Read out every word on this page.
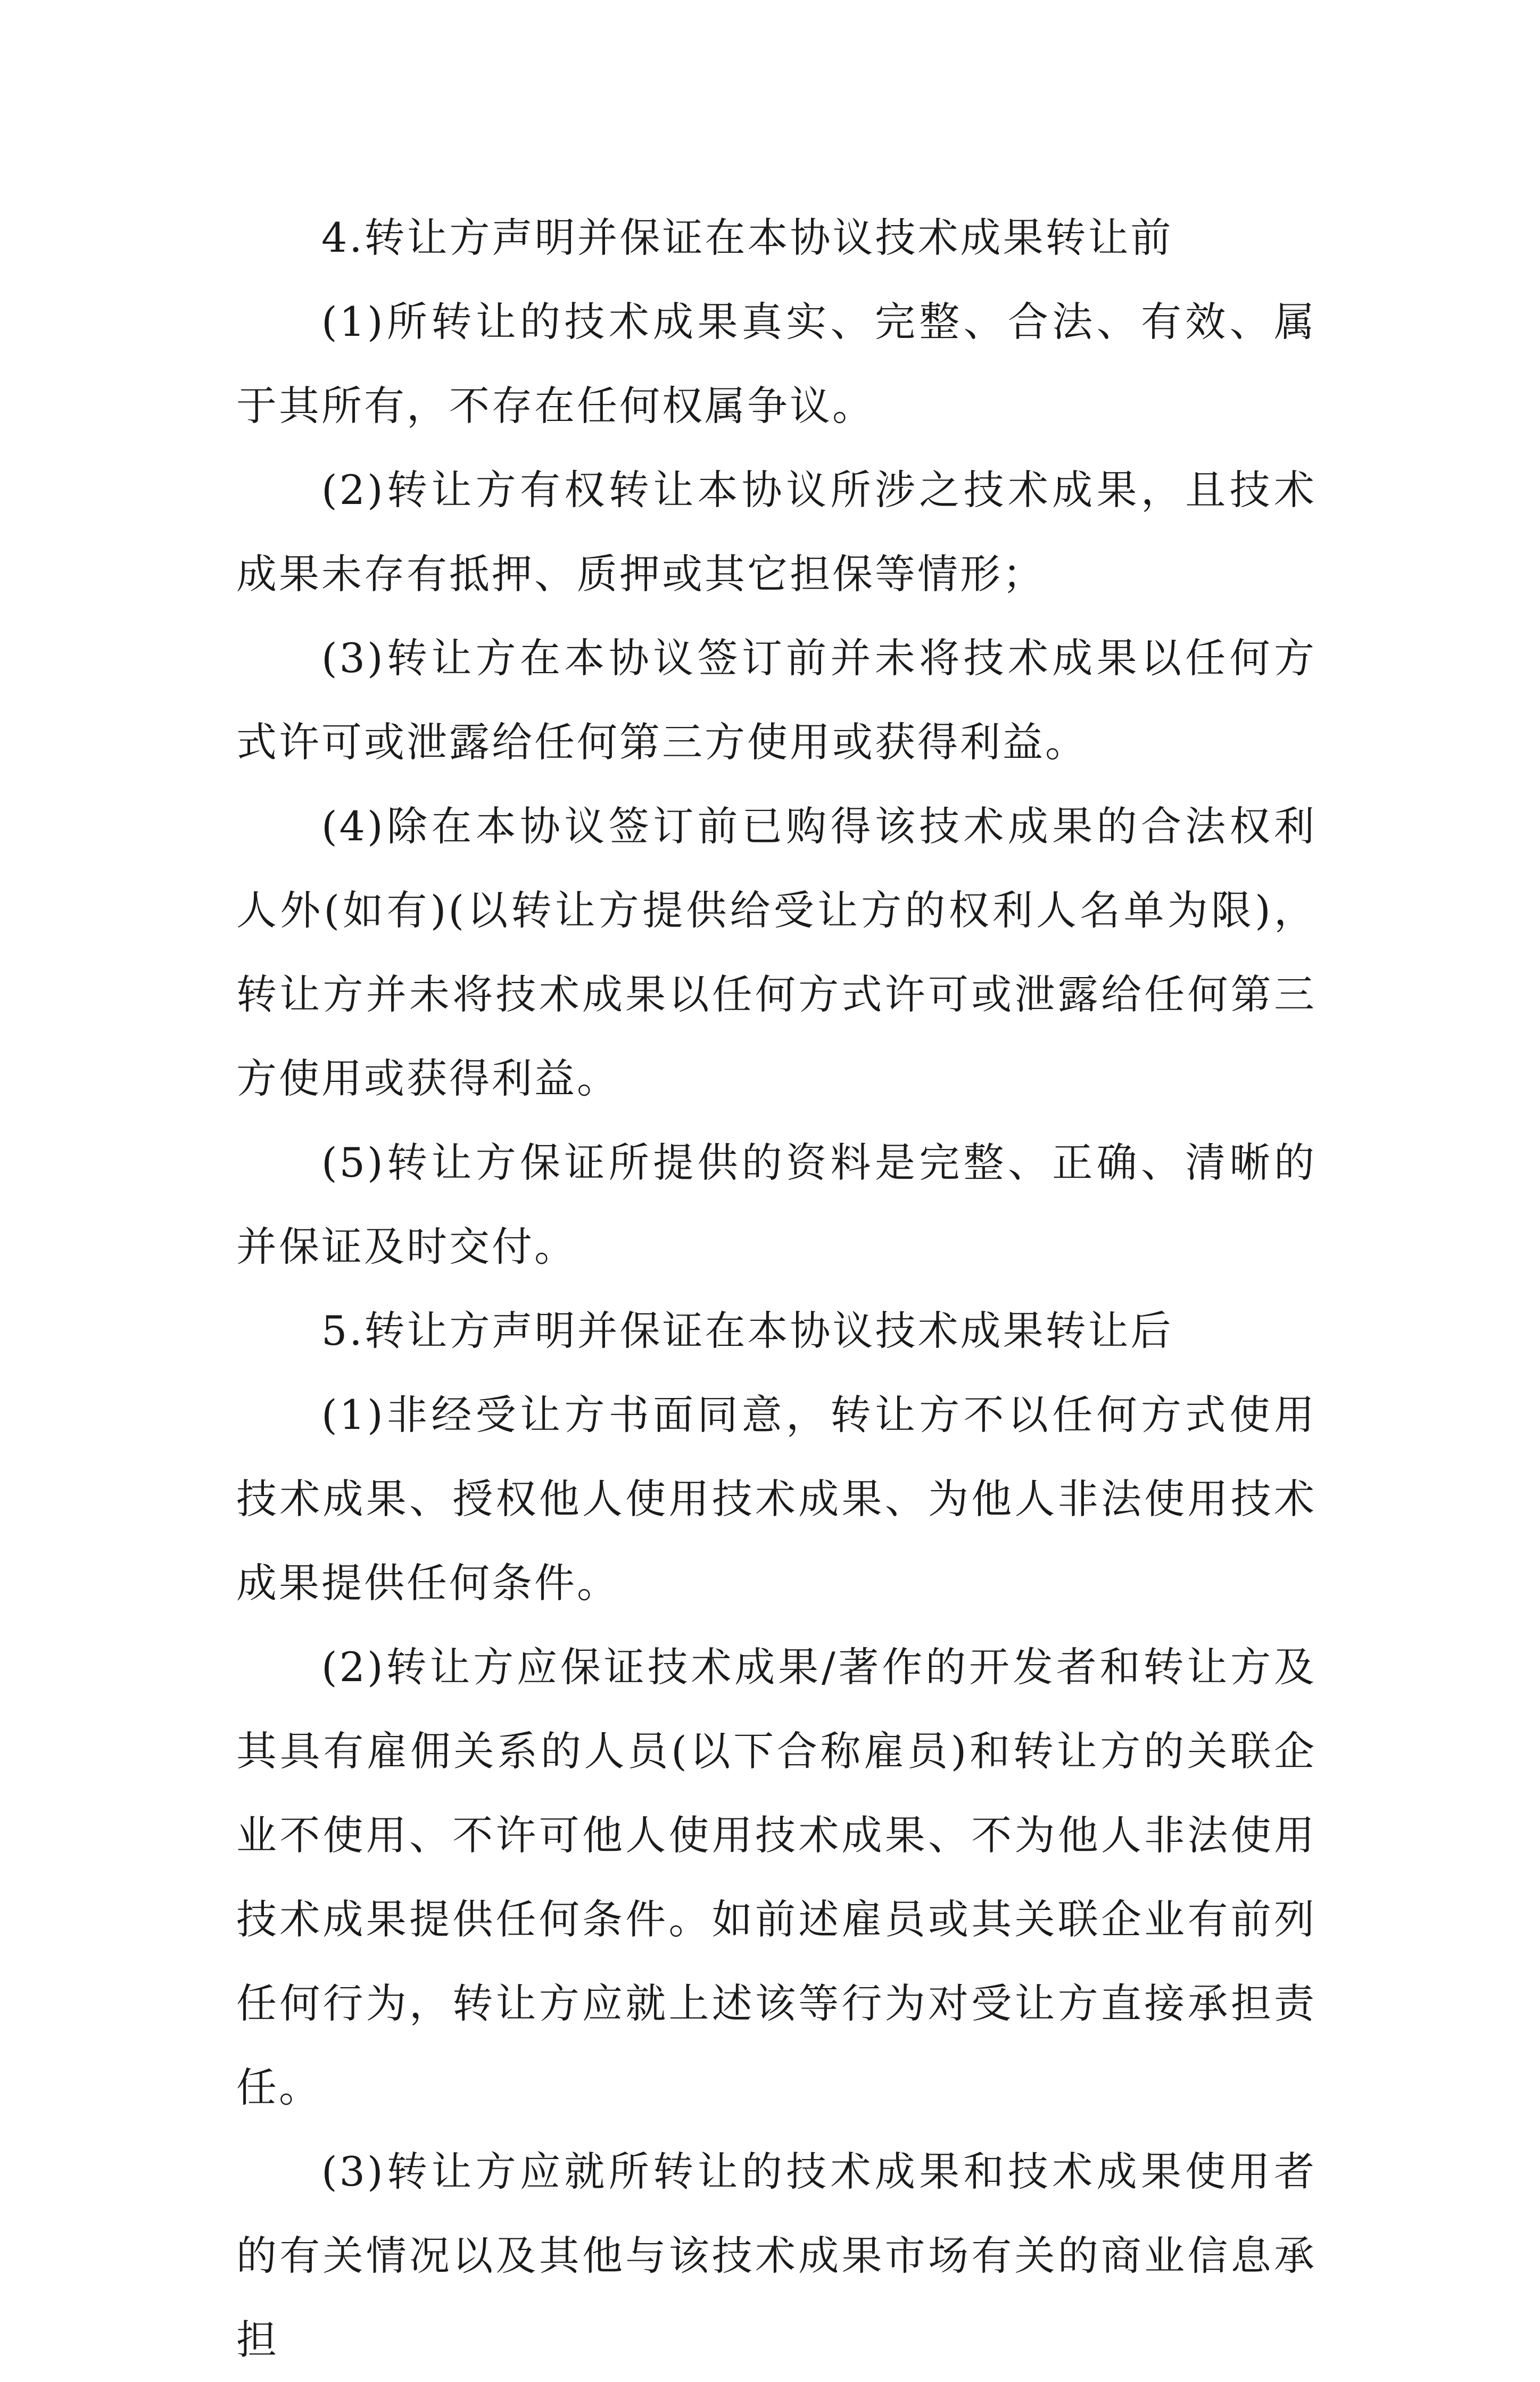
4.转让方声明并保证在本协议技术成果转让前

(1)所转让的技术成果真实、完整、合法、有效、属于其所有，不存在任何权属争议。

(2)转让方有权转让本协议所涉之技术成果，且技术成果未存有抵押、质押或其它担保等情形；

(3)转让方在本协议签订前并未将技术成果以任何方式许可或泄露给任何第三方使用或获得利益。

(4)除在本协议签订前已购得该技术成果的合法权利人外(如有)(以转让方提供给受让方的权利人名单为限)，转让方并未将技术成果以任何方式许可或泄露给任何第三方使用或获得利益。

(5)转让方保证所提供的资料是完整、正确、清晰的并保证及时交付。

5.转让方声明并保证在本协议技术成果转让后

(1)非经受让方书面同意，转让方不以任何方式使用技术成果、授权他人使用技术成果、为他人非法使用技术成果提供任何条件。

(2)转让方应保证技术成果/著作的开发者和转让方及其具有雇佣关系的人员(以下合称雇员)和转让方的关联企业不使用、不许可他人使用技术成果、不为他人非法使用技术成果提供任何条件。如前述雇员或其关联企业有前列任何行为，转让方应就上述该等行为对受让方直接承担责任。

(3)转让方应就所转让的技术成果和技术成果使用者的有关情况以及其他与该技术成果市场有关的商业信息承担
